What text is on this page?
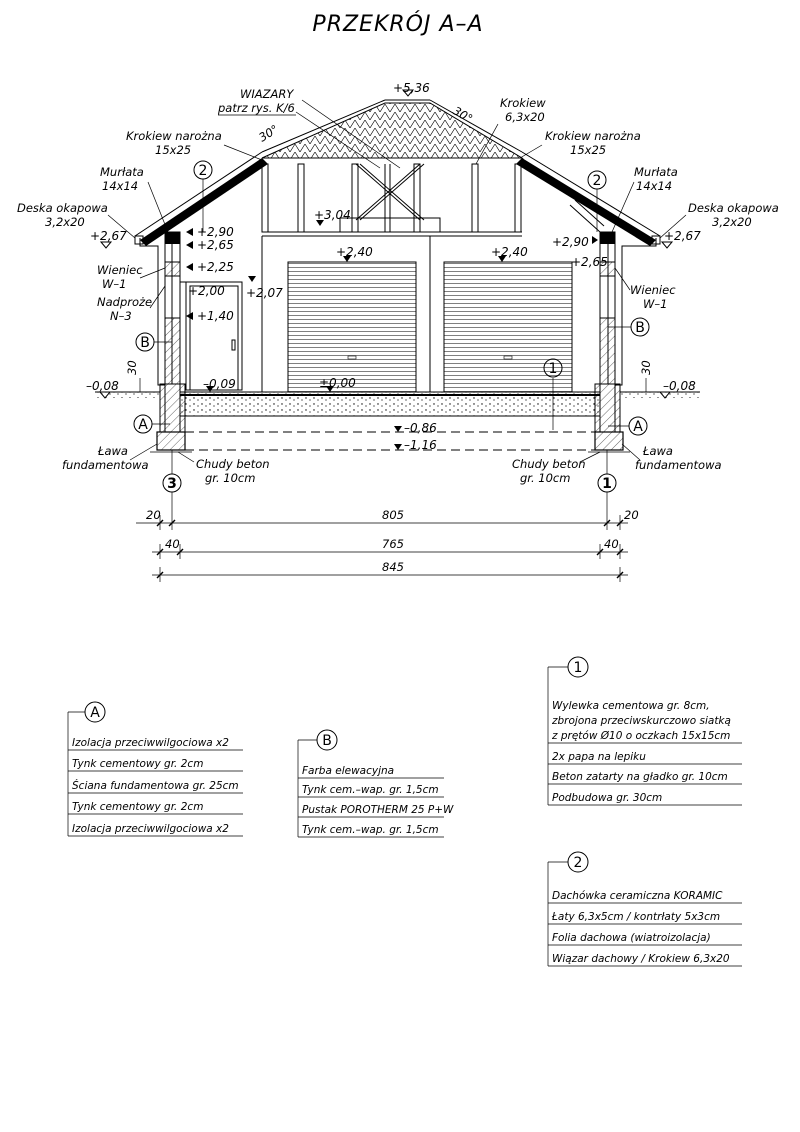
PRZEKRÓJ A–A
+5,36
+3,04
+2,67	+2,67
+2,90
+2,65
+2,25
+2,00 +2,07
+1,40
+2,90
+2,65
+2,40	+2,40
–0,09	±0,00
–0,08	–0,08
–0,86
–1,16
30	30
WIAZARY
patrz rys. K/6	Krokiew
6,3x20
30°
30°
Krokiew narożna
15x25
Krokiew narożna
15x25
Murłata
14x14
Murłata
14x14
Deska okapowa
3,2x20
Deska okapowa
3,2x20
Wieniec
W–1	Wieniec
W–1
Nadproże
N–3
2
2
B
B
1
A	A
Ława
fundamentowa
Ława
fundamentowa
Chudy beton
gr. 10cm
Chudy beton
gr. 10cm
3	1
20	805	20
40	765	40
845
A
Izolacja przeciwwilgociowa x2
Tynk cementowy gr. 2cm
Ściana fundamentowa gr. 25cm
Tynk cementowy gr. 2cm
Izolacja przeciwwilgociowa x2
B
Farba elewacyjna
Tynk cem.–wap. gr. 1,5cm
Pustak POROTHERM 25 P+W
Tynk cem.–wap. gr. 1,5cm
1
Wylewka cementowa gr. 8cm,
zbrojona przeciwskurczowo siatką
z prętów Ø10 o oczkach 15x15cm
2x papa na lepiku
Beton zatarty na gładko gr. 10cm
Podbudowa gr. 30cm
2
Dachówka ceramiczna KORAMIC
Łaty 6,3x5cm / kontrłaty 5x3cm
Folia dachowa (wiatroizolacja)
Wiązar dachowy / Krokiew 6,3x20
